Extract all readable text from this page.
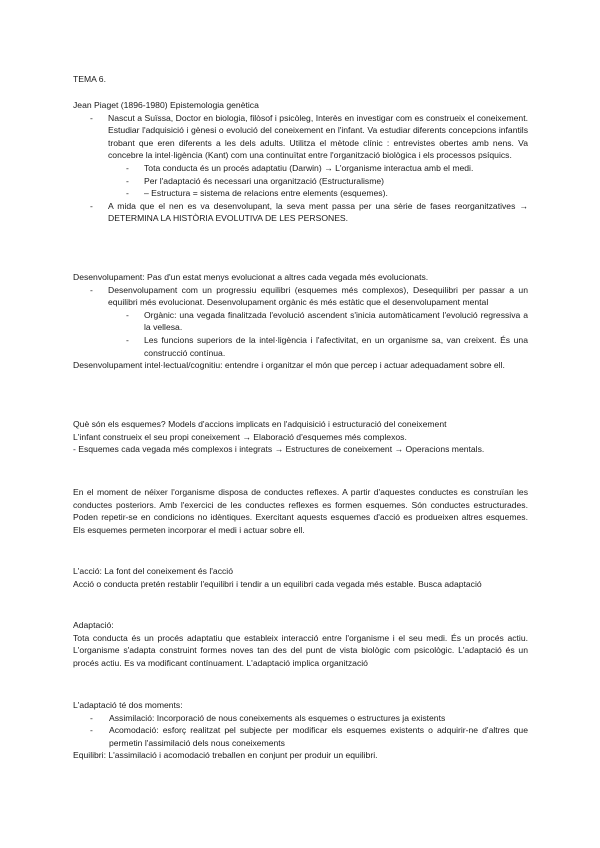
TEMA 6.

Jean Piaget (1896-1980) Epistemologia genètica

- Nascut a Suïssa, Doctor en biologia, filòsof i psicòleg, Interès en investigar com es construeix el coneixement. Estudiar l'adquisició i gènesi o evolució del coneixement en l'infant. Va estudiar diferents concepcions infantils trobant que eren diferents a les dels adults. Utilitza el mètode clínic : entrevistes obertes amb nens. Va concebre la intel·ligència (Kant) com una continuïtat entre l'organització biològica i els processos psíquics.
- Tota conducta és un procés adaptatiu (Darwin) → L'organisme interactua amb el medi.
- Per l'adaptació és necessari una organització (Estructuralisme)
- – Estructura = sistema de relacions entre elements (esquemes).
- A mida que el nen es va desenvolupant, la seva ment passa per una sèrie de fases reorganitzatives → DETERMINA LA HISTÒRIA EVOLUTIVA DE LES PERSONES.

Desenvolupament: Pas d'un estat menys evolucionat a altres cada vegada més evolucionats.

- Desenvolupament com un progressiu equilibri (esquemes més complexos), Desequilibri per passar a un equilibri més evolucionat. Desenvolupament orgànic és més estàtic que el desenvolupament mental
- Orgànic: una vegada finalitzada l'evolució ascendent s'inicia automàticament l'evolució regressiva a la vellesa.
- Les funcions superiors de la intel·ligència i l'afectivitat, en un organisme sa, van creixent. És una construcció contínua.

Desenvolupament intel·lectual/cognitiu: entendre i organitzar el món que percep i actuar adequadament sobre ell.

Què són els esquemes? Models d'accions implicats en l'adquisició i estructuració del coneixement

L'infant construeix el seu propi coneixement → Elaboració d'esquemes més complexos.

- Esquemes cada vegada més complexos i integrats → Estructures de coneixement → Operacions mentals.

En el moment de néixer l'organisme disposa de conductes reflexes. A partir d'aquestes conductes es construïan les conductes posteriors. Amb l'exercici de les conductes reflexes es formen esquemes. Són conductes estructurades. Poden repetir-se en condicions no idèntiques. Exercitant aquests esquemes d'acció es produeixen altres esquemes. Els esquemes permeten incorporar el medi i actuar sobre ell.

L'acció: La font del coneixement és l'acció

Acció o conducta pretén restablir l'equilibri i tendir a un equilibri cada vegada més estable. Busca adaptació

Adaptació:

Tota conducta és un procés adaptatiu que estableix interacció entre l'organisme i el seu medi. És un procés actiu. L'organisme s'adapta construint formes noves tan des del punt de vista biològic com psicològic. L'adaptació és un procés actiu. Es va modificant contínuament. L'adaptació implica organització

L'adaptació té dos moments:

- Assimilació: Incorporació de nous coneixements als esquemes o estructures ja existents
- Acomodació: esforç realitzat pel subjecte per modificar els esquemes existents o adquirir-ne d'altres que permetin l'assimilació dels nous coneixements

Equilibri: L'assimilació i acomodació treballen en conjunt per produir un equilibri.
